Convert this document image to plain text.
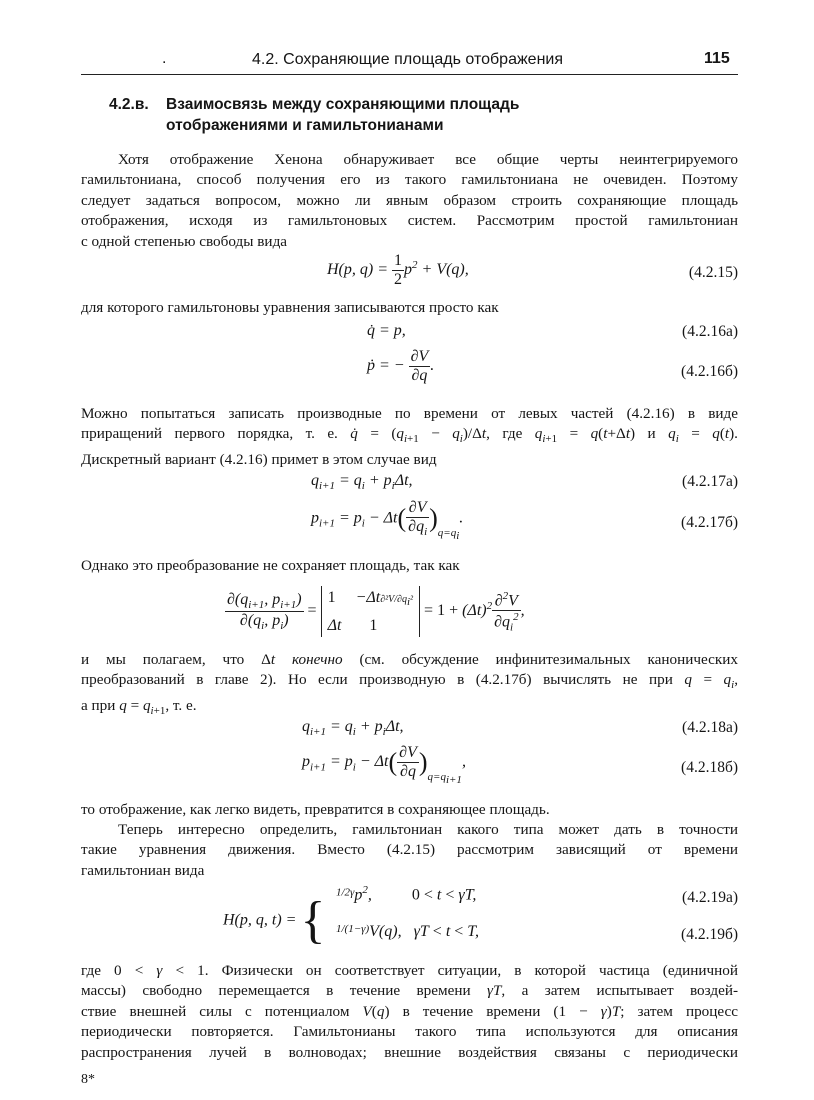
.	4.2. Сохраняющие площадь отображения	115
4.2.в. Взаимосвязь между сохраняющими площадь
отображениями и гамильтонианами
Хотя отображение Хенона обнаруживает все общие черты неинтегрируемого
гамильтониана, способ получения его из такого гамильтониана не очевиден. Поэтому
следует задаться вопросом, можно ли явным образом строить сохраняющие площадь
отображения, исходя из гамильтоновых систем. Рассмотрим простой гамильтониан
с одной степенью свободы вида
H(p, $q) = \frac{1}{2} p^2 + V(q)$,	(4.2.15)
для которого гамильтоновы уравнения записываются просто как
q̇ = p,	(4.2.16а)
ṗ = − $\frac{\partial V}{\partial q}$ .	(4.2.16б)
Можно попытаться записать производные по времени от левых частей (4.2.16) в виде
приращений первого порядка, т. е. q̇ = $(q_{i+1} - q_i)/\Delta t$, где $q_{i+1} = q(t+\Delta t)$ и $q_i = q(t)$.
Дискретный вариант (4.2.16) примет в этом случае вид
$q_{i+1} = q_i + p_i\Delta t$,	(4.2.17а)
$p_{i+1} = p_i - \Delta t( \frac{\partial V}{\partial q_i} )_{q=q_i}$.	(4.2.17б)
Однако это преобразование не сохраняет площадь, так как
$\frac{\partial(q_{i+1}, p_{i+1})}{\partial(q_i, p_i)} = 1$     $-\Delta t\partial^2V/\partial q_i^2$
Δt       $1 = 1 + (\Delta t)^2 \frac{\partial^2V}{\partial q_i^2}$ ,
и мы полагаем, что Δt конечно (см. обсуждение инфинитезимальных канонических
преобразований в главе 2). Но если производную в (4.2.17б) вычислять не при $q = q_i$,
а при $q = q_{i+1}$, т. е.
$q_{i+1} = q_i + p_i\Delta t$,	(4.2.18а)
$p_{i+1} = p_i - \Delta t( \frac{\partial V}{\partial q} )_{q=q_{i+1}}$,	(4.2.18б)
то отображение, как легко видеть, превратится в сохраняющее площадь.
Теперь интересно определить, гамильтониан какого типа может дать в точности
такие уравнения движения. Вместо (4.2.15) рассмотрим зависящий от времени
гамильтониан вида
H(p, q, t) = { $^{1/2\gamma}p^2$,          0 < t < γT,	(4.2.19а)
$^{1/(1-\gamma)}$V(q),   γT < t < T,	(4.2.19б)
где 0 < γ < 1. Физически он соответствует ситуации, в которой частица (единичной
массы) свободно перемещается в течение времени γT, а затем испытывает воздей-
ствие внешней силы с потенциалом V(q) в течение времени (1 − γ)T; затем процесс
периодически повторяется. Гамильтонианы такого типа используются для описания
распространения лучей в волноводах; внешние воздействия связаны с периодически
8*
